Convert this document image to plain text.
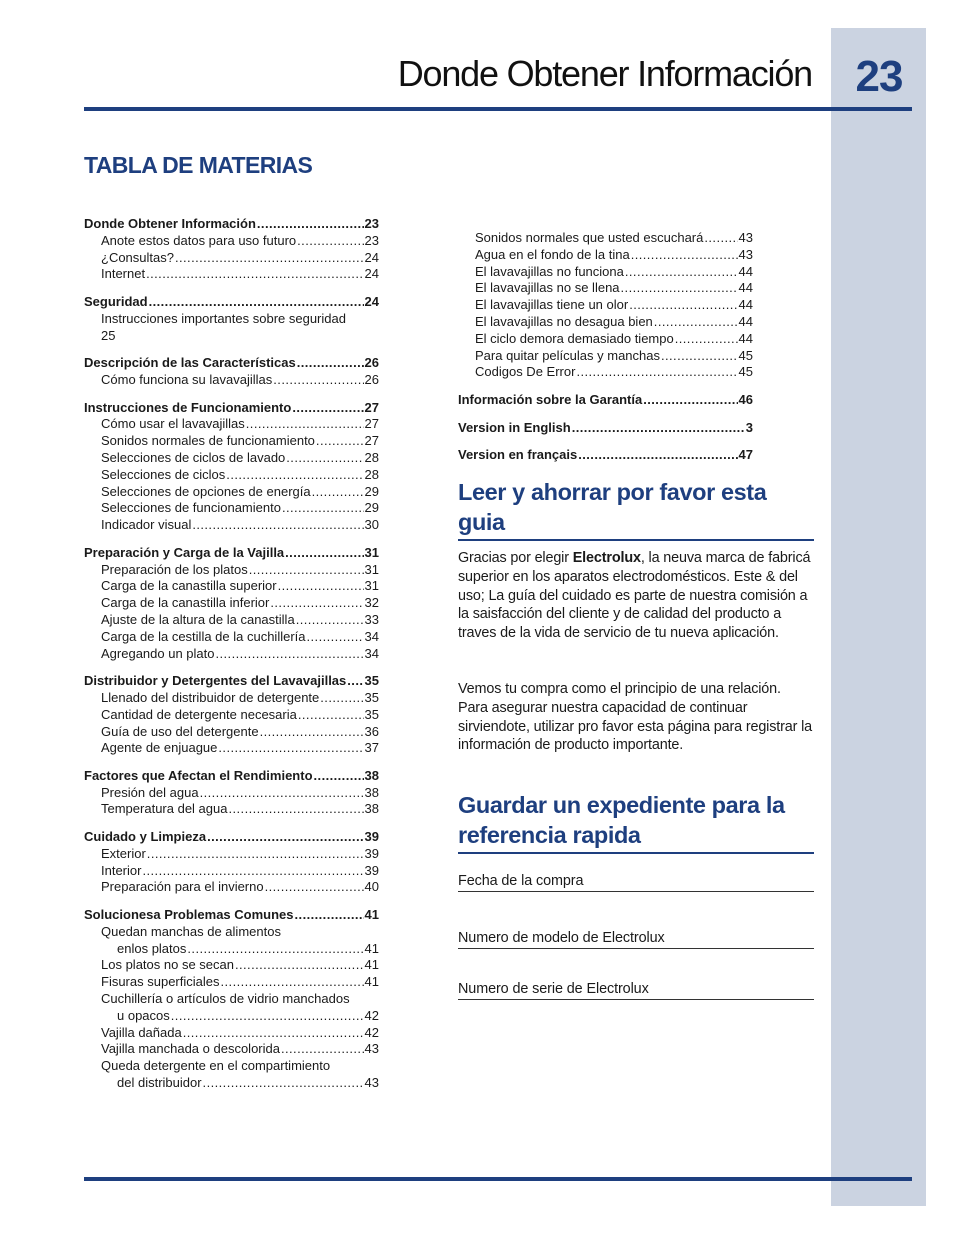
23
Donde Obtener Información
TABLA DE MATERIAS
Donde Obtener Información . . .	23
Anote estos datos para uso futuro . . .	23
¿Consultas? . . .	24
Internet . . .	24
Seguridad . . .	24
Instrucciones importantes sobre seguridad
25
Descripción de las Características . . .	26
Cómo funciona su lavavajillas . . .	26
Instrucciones de Funcionamiento . . .	27
Cómo usar el lavavajillas . . .	27
Sonidos normales de funcionamiento . . .	27
Selecciones de ciclos de lavado . . .	28
Selecciones de ciclos . . .	28
Selecciones de opciones de energía . . .	29
Selecciones de funcionamiento . . .	29
Indicador visual . . .	30
Preparación y Carga de la Vajilla . . .	31
Preparación de los platos . . .	31
Carga de la canastilla superior . . .	31
Carga de la canastilla inferior . . .	32
Ajuste de la altura de la canastilla . . .	33
Carga de la cestilla de la cuchillería . . .	34
Agregando un plato . . .	34
Distribuidor y Detergentes del Lavavajillas . . . 35
Llenado del distribuidor de detergente . . .	35
Cantidad de detergente necesaria . . .	35
Guía de uso del detergente . . .	36
Agente de enjuague . . .	37
Factores que Afectan el Rendimiento . . .	38
Presión del agua . . .	38
Temperatura del agua . . .	38
Cuidado y Limpieza . . .	39
Exterior . . .	39
Interior . . .	39
Preparación para el invierno . . .	40
Solucionesa Problemas Comunes . . .	41
Quedan manchas de alimentos
enlos platos . . .	41
Los platos no se secan . . .	41
Fisuras superficiales . . .	41
Cuchillería o artículos de vidrio manchados
u opacos . . .	42
Vajilla dañada . . .	42
Vajilla manchada o descolorida . . .	43
Queda detergente en el compartimiento
del distribuidor . . .	43
Sonidos normales que usted escuchará . . .	43
Agua en el fondo de la tina . . .	43
El lavavajillas no funciona . . .	44
El lavavajillas no se llena . . .	44
El lavavajillas tiene un olor . . .	44
El lavavajillas no desagua bien . . .	44
El ciclo demora demasiado tiempo . . .	44
Para quitar películas y manchas . . .	45
Codigos De Error . . .	45
Información sobre la Garantía . . .	46
Version in English . . .	3
Version en français . . .	47
Leer y ahorrar por favor esta guia
Gracias por elegir Electrolux, la neuva marca de fabricá superior en los aparatos electrodomésticos. Este & del uso; La guía del cuidado es parte de nuestra comisión a la saisfacción del cliente y de calidad del producto a traves de la vida de servicio de tu nueva aplicación.
Vemos tu compra como el principio de una relación. Para asegurar nuestra capacidad de continuar sirviendote, utilizar pro favor esta página para registrar la información de producto importante.
Guardar un expediente para la referencia rapida
Fecha de la compra
Numero de modelo de Electrolux
Numero de serie de Electrolux
